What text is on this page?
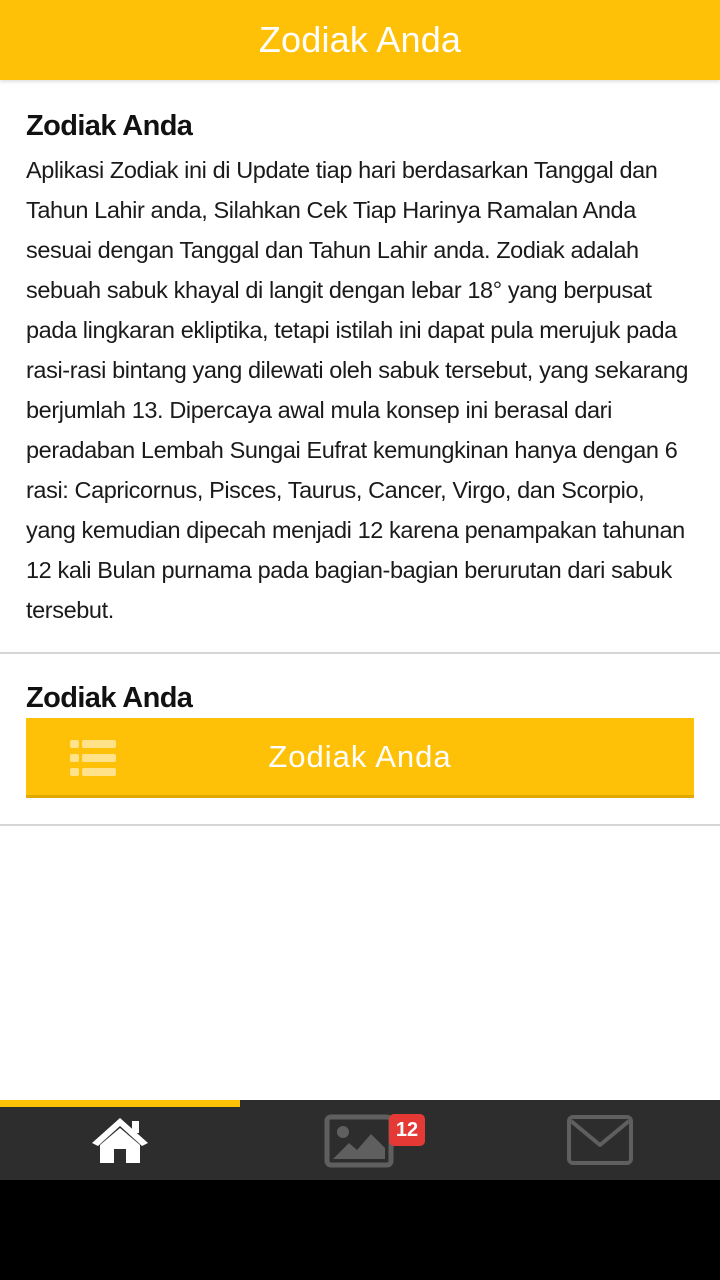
Zodiak Anda
Zodiak Anda

Aplikasi Zodiak ini di Update tiap hari berdasarkan Tanggal dan Tahun Lahir anda, Silahkan Cek Tiap Harinya Ramalan Anda sesuai dengan Tanggal dan Tahun Lahir anda. Zodiak adalah sebuah sabuk khayal di langit dengan lebar 18° yang berpusat pada lingkaran ekliptika, tetapi istilah ini dapat pula merujuk pada rasi-rasi bintang yang dilewati oleh sabuk tersebut, yang sekarang berjumlah 13. Dipercaya awal mula konsep ini berasal dari peradaban Lembah Sungai Eufrat kemungkinan hanya dengan 6 rasi: Capricornus, Pisces, Taurus, Cancer, Virgo, dan Scorpio, yang kemudian dipecah menjadi 12 karena penampakan tahunan 12 kali Bulan purnama pada bagian-bagian berurutan dari sabuk tersebut.

Zodiak Anda
Zodiak Anda
12
